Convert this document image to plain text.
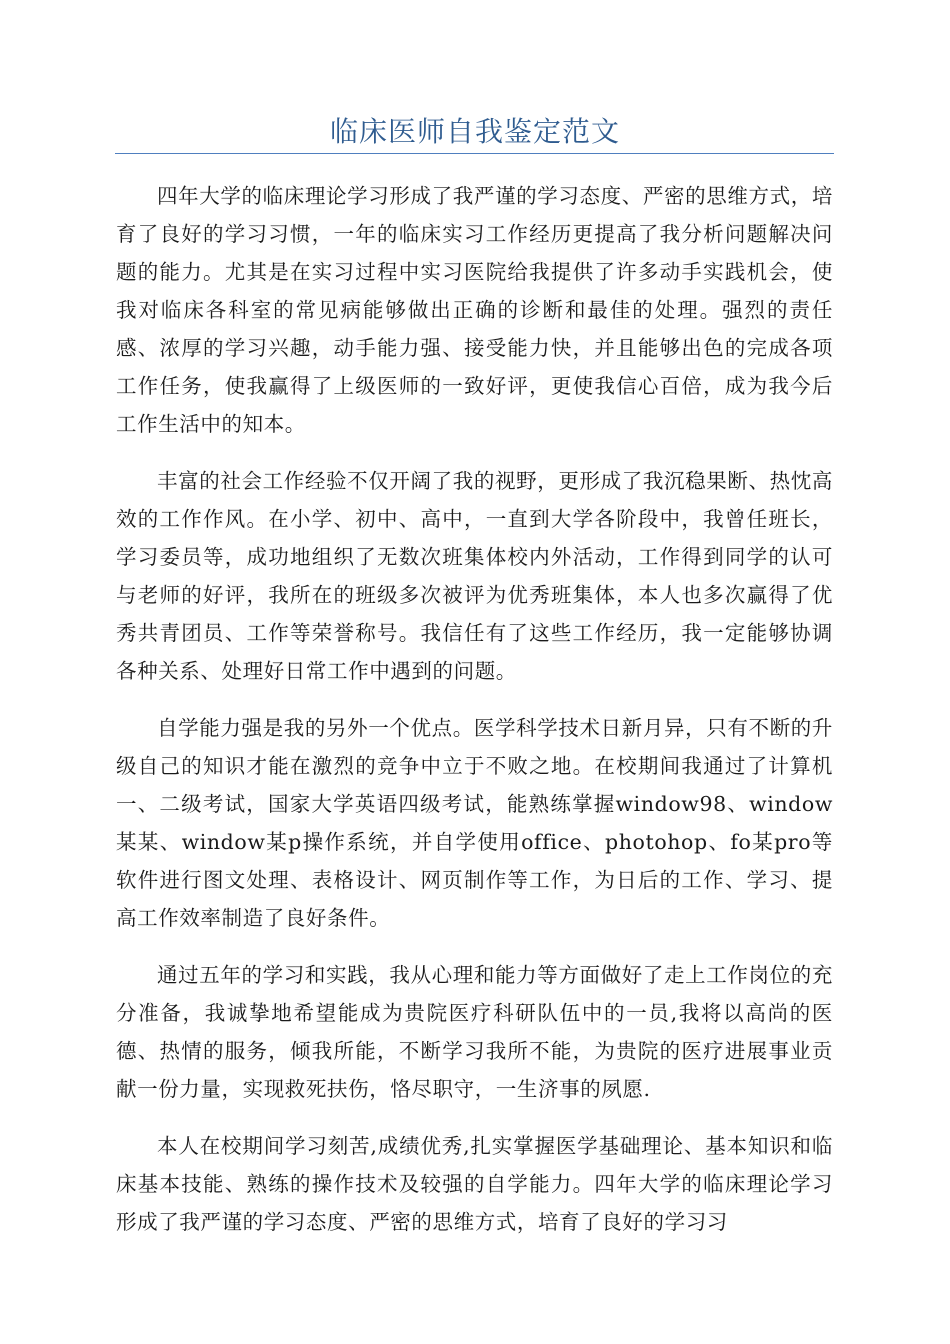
临床医师自我鉴定范文

四年大学的临床理论学习形成了我严谨的学习态度、严密的思维方式，培育了良好的学习习惯，一年的临床实习工作经历更提高了我分析问题解决问题的能力。尤其是在实习过程中实习医院给我提供了许多动手实践机会，使我对临床各科室的常见病能够做出正确的诊断和最佳的处理。强烈的责任感、浓厚的学习兴趣，动手能力强、接受能力快，并且能够出色的完成各项工作任务，使我赢得了上级医师的一致好评，更使我信心百倍，成为我今后工作生活中的知本。

丰富的社会工作经验不仅开阔了我的视野，更形成了我沉稳果断、热忱高效的工作作风。在小学、初中、高中，一直到大学各阶段中，我曾任班长，学习委员等，成功地组织了无数次班集体校内外活动，工作得到同学的认可与老师的好评，我所在的班级多次被评为优秀班集体，本人也多次赢得了优秀共青团员、工作等荣誉称号。我信任有了这些工作经历，我一定能够协调各种关系、处理好日常工作中遇到的问题。

自学能力强是我的另外一个优点。医学科学技术日新月异，只有不断的升级自己的知识才能在激烈的竞争中立于不败之地。在校期间我通过了计算机一、二级考试，国家大学英语四级考试，能熟练掌握window98、window某某、window某p操作系统，并自学使用office、photohop、fo某pro等软件进行图文处理、表格设计、网页制作等工作，为日后的工作、学习、提高工作效率制造了良好条件。

通过五年的学习和实践，我从心理和能力等方面做好了走上工作岗位的充分准备，我诚挚地希望能成为贵院医疗科研队伍中的一员,我将以高尚的医德、热情的服务，倾我所能，不断学习我所不能，为贵院的医疗进展事业贡献一份力量，实现救死扶伤，恪尽职守，一生济事的夙愿.

本人在校期间学习刻苦,成绩优秀,扎实掌握医学基础理论、基本知识和临床基本技能、熟练的操作技术及较强的自学能力。四年大学的临床理论学习形成了我严谨的学习态度、严密的思维方式，培育了良好的学习习
